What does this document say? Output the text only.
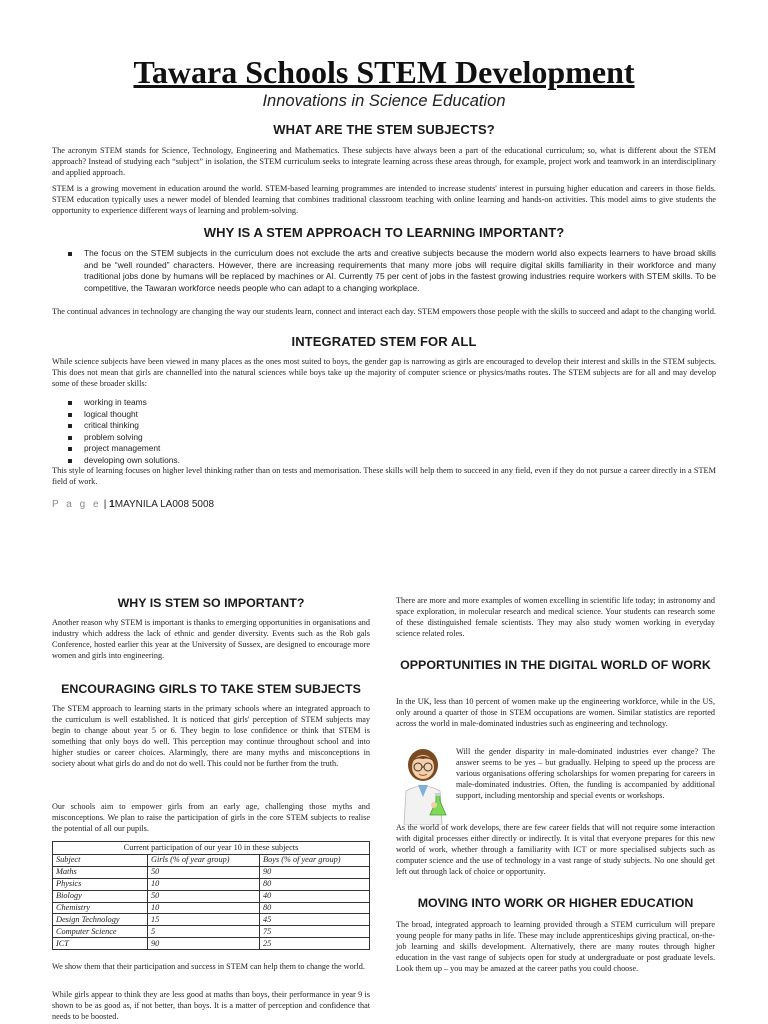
Tawara Schools STEM Development
Innovations in Science Education
WHAT ARE THE STEM SUBJECTS?

The acronym STEM stands for Science, Technology, Engineering and Mathematics. These subjects have always been a part of the educational curriculum; so, what is different about the STEM approach? Instead of studying each “subject” in isolation, the STEM curriculum seeks to integrate learning across these areas through, for example, project work and teamwork in an interdisciplinary and applied approach.

STEM is a growing movement in education around the world. STEM-based learning programmes are intended to increase students' interest in pursuing higher education and careers in those fields. STEM education typically uses a newer model of blended learning that combines traditional classroom teaching with online learning and hands-on activities. This model aims to give students the opportunity to experience different ways of learning and problem-solving.

WHY IS A STEM APPROACH TO LEARNING IMPORTANT?
The focus on the STEM subjects in the curriculum does not exclude the arts and creative subjects because the modern world also expects learners to have broad skills and be “well rounded” characters. However, there are increasing requirements that many more jobs will require digital skills familiarity in their workforce and many traditional jobs done by humans will be replaced by machines or AI. Currently 75 per cent of jobs in the fastest growing industries require workers with STEM skills. To be competitive, the Tawaran workforce needs people who can adapt to a changing workplace.

The continual advances in technology are changing the way our students learn, connect and interact each day. STEM empowers those people with the skills to succeed and adapt to the changing world.

INTEGRATED STEM FOR ALL

While science subjects have been viewed in many places as the ones most suited to boys, the gender gap is narrowing as girls are encouraged to develop their interest and skills in the STEM subjects. This does not mean that girls are channelled into the natural sciences while boys take up the majority of computer science or physics/maths routes. The STEM subjects are for all and may develop some of these broader skills:

working in teams
logical thought
critical thinking
problem solving
project management
developing own solutions.

This style of learning focuses on higher level thinking rather than on tests and memorisation. These skills will help them to succeed in any field, even if they do not pursue a career directly in a STEM field of work.

P a g e | 1MAYNILA LA008 5008
WHY IS STEM SO IMPORTANT?

Another reason why STEM is important is thanks to emerging opportunities in organisations and industry which address the lack of ethnic and gender diversity. Events such as the Rob gals Conference, hosted earlier this year at the University of Sussex, are designed to encourage more women and girls into engineering.

ENCOURAGING GIRLS TO TAKE STEM SUBJECTS

The STEM approach to learning starts in the primary schools where an integrated approach to the curriculum is well established. It is noticed that girls' perception of STEM subjects may begin to change about year 5 or 6. They begin to lose confidence or think that STEM is something that only boys do well. This perception may continue throughout school and into higher studies or career choices. Alarmingly, there are many myths and misconceptions in society about what girls do and do not do well. This could not be further from the truth.

Our schools aim to empower girls from an early age, challenging those myths and misconceptions. We plan to raise the participation of girls in the core STEM subjects to realise the potential of all our pupils.

Current participation of our year 10 in these subjects
Subject	Girls (% of year group)	Boys (% of year group)
Maths	50	90
Physics	10	80
Biology	50	40
Chemistry	10	80
Design Technology	15	45
Computer Science	5	75
ICT	90	25

We show them that their participation and success in STEM can help them to change the world.

While girls appear to think they are less good at maths than boys, their performance in year 9 is shown to be as good as, if not better, than boys. It is a matter of perception and confidence that needs to be boosted.

There are more and more examples of women excelling in scientific life today; in astronomy and space exploration, in molecular research and medical science. Your students can research some of these distinguished female scientists. They may also study women working in everyday science related roles.

OPPORTUNITIES IN THE DIGITAL WORLD OF WORK

In the UK, less than 10 percent of women make up the engineering workforce, while in the US, only around a quarter of those in STEM occupations are women. Similar statistics are reported across the world in male-dominated industries such as engineering and technology.

Will the gender disparity in male-dominated industries ever change? The answer seems to be yes – but gradually. Helping to speed up the process are various organisations offering scholarships for women preparing for careers in male-dominated industries. Often, the funding is accompanied by additional support, including mentorship and special events or workshops.

As the world of work develops, there are few career fields that will not require some interaction with digital processes either directly or indirectly. It is vital that everyone prepares for this new world of work, whether through a familiarity with ICT or more specialised subjects such as computer science and the use of technology in a vast range of study subjects. No one should get left out through lack of choice or opportunity.

MOVING INTO WORK OR HIGHER EDUCATION

The broad, integrated approach to learning provided through a STEM curriculum will prepare young people for many paths in life. These may include apprenticeships giving practical, on-the-job learning and skills development. Alternatively, there are many routes through higher education in the vast range of subjects open for study at undergraduate or post graduate levels. Look them up – you may be amazed at the career paths you could choose.
